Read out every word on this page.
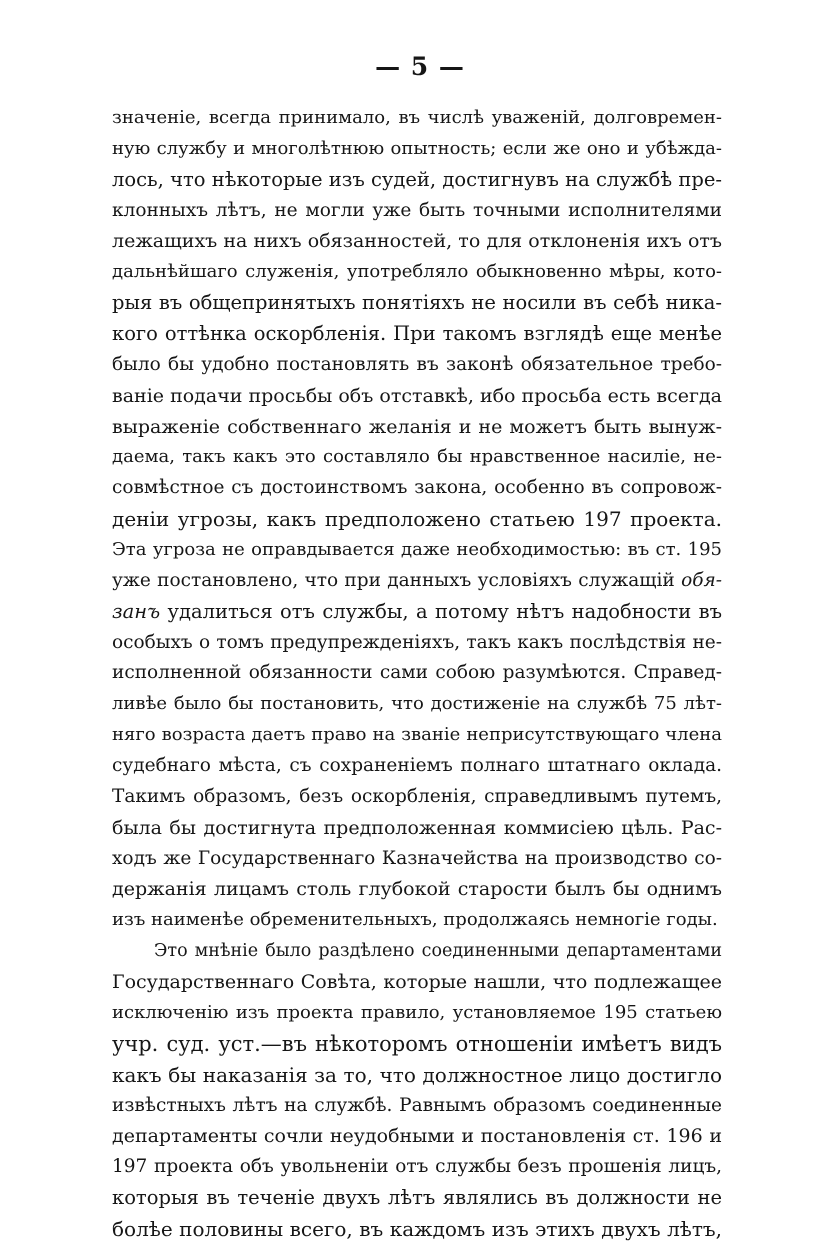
— 5 —
значеніе, всегда принимало, въ числѣ уваженій, долговремен-
ную службу и многолѣтнюю опытность; если же оно и убѣжда-
лось, что нѣкоторые изъ судей, достигнувъ на службѣ пре-
клонныхъ лѣтъ, не могли уже быть точными исполнителями
лежащихъ на нихъ обязанностей, то для отклоненія ихъ отъ
дальнѣйшаго служенія, употребляло обыкновенно мѣры, кото-
рыя въ общепринятыхъ понятіяхъ не носили въ себѣ ника-
кого оттѣнка оскорбленія. При такомъ взглядѣ еще менѣе
было бы удобно постановлять въ законѣ обязательное требо-
ваніе подачи просьбы объ отставкѣ, ибо просьба есть всегда
выраженіе собственнаго желанія и не можетъ быть вынуж-
даема, такъ какъ это составляло бы нравственное насиліе, не-
совмѣстное съ достоинствомъ закона, особенно въ сопровож-
деніи угрозы, какъ предположено статьею 197 проекта.
Эта угроза не оправдывается даже необходимостью: въ ст. 195
уже постановлено, что при данныхъ условіяхъ служащій обя-
занъ удалиться отъ службы, а потому нѣтъ надобности въ
особыхъ о томъ предупрежденіяхъ, такъ какъ послѣдствія не-
исполненной обязанности сами собою разумѣются. Справед-
ливѣе было бы постановить, что достиженіе на службѣ 75 лѣт-
няго возраста даетъ право на званіе неприсутствующаго члена
судебнаго мѣста, съ сохраненіемъ полнаго штатнаго оклада.
Такимъ образомъ, безъ оскорбленія, справедливымъ путемъ,
была бы достигнута предположенная коммисіею цѣль. Рас-
ходъ же Государственнаго Казначейства на производство со-
держанія лицамъ столь глубокой старости былъ бы однимъ
изъ наименѣе обременительныхъ, продолжаясь немногіе годы.
Это мнѣніе было раздѣлено соединенными департаментами
Государственнаго Совѣта, которые нашли, что подлежащее
исключенію изъ проекта правило, установляемое 195 статьею
учр. суд. уст.—въ нѣкоторомъ отношеніи имѣетъ видъ
какъ бы наказанія за то, что должностное лицо достигло
извѣстныхъ лѣтъ на службѣ. Равнымъ образомъ соединенные
департаменты сочли неудобными и постановленія ст. 196 и
197 проекта объ увольненіи отъ службы безъ прошенія лицъ,
которыя въ теченіе двухъ лѣтъ являлись въ должности не
болѣе половины всего, въ каждомъ изъ этихъ двухъ лѣтъ,
